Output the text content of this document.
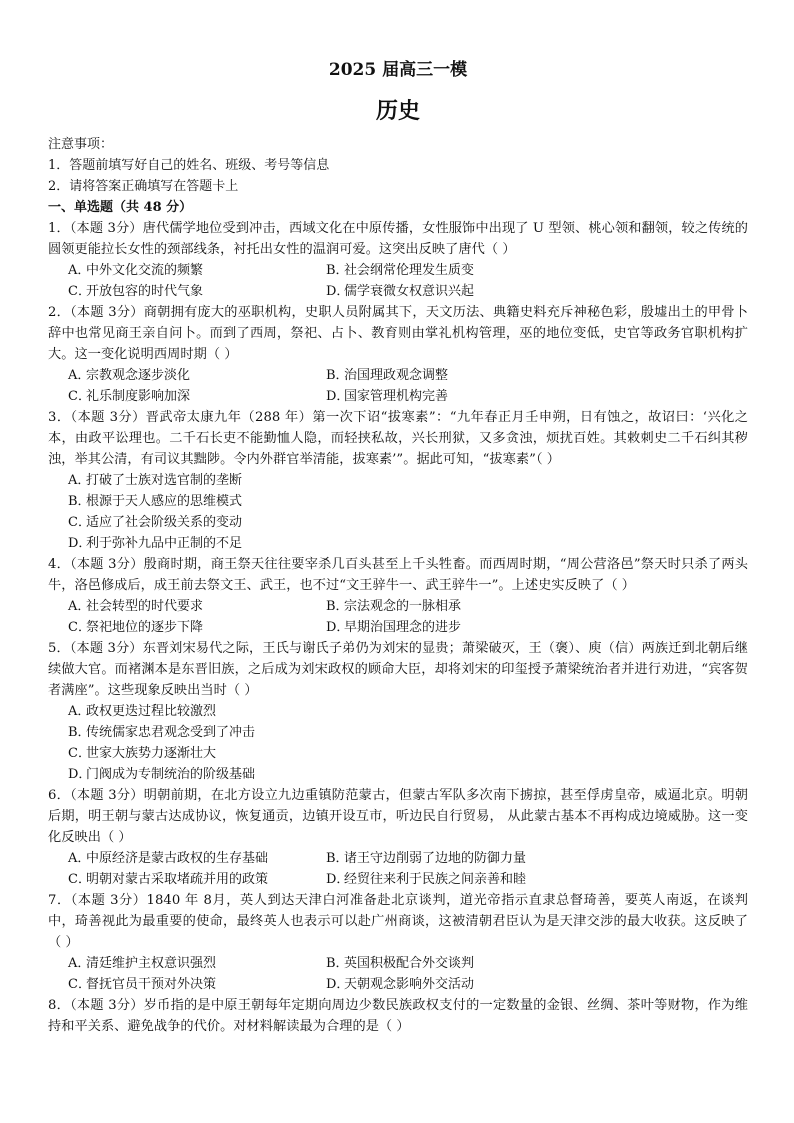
2025 届高三一模
历史
注意事项：
1．答题前填写好自己的姓名、班级、考号等信息
2．请将答案正确填写在答题卡上
一、单选题（共 48 分）

1．（本题 3分）唐代儒学地位受到冲击，西域文化在中原传播，女性服饰中出现了 U 型领、桃心领和翻领，较之传统的圆领更能拉长女性的颈部线条，衬托出女性的温润可爱。这突出反映了唐代（ ）

A．中外文化交流的频繁	B．社会纲常伦理发生质变
C．开放包容的时代气象	D．儒学衰微女权意识兴起

2．（本题 3分）商朝拥有庞大的巫职机构，史职人员附属其下，天文历法、典籍史料充斥神秘色彩，殷墟出土的甲骨卜辞中也常见商王亲自问卜。而到了西周，祭祀、占卜、教育则由掌礼机构管理，巫的地位变低，史官等政务官职机构扩大。这一变化说明西周时期（ ）

A．宗教观念逐步淡化	B．治国理政观念调整
C．礼乐制度影响加深	D．国家管理机构完善

3．（本题 3分）晋武帝太康九年（288 年）第一次下诏“拔寒素”：“九年春正月壬申朔，日有蚀之，故诏曰：‘兴化之本，由政平讼理也。二千石长吏不能勤恤人隐，而轻挟私故，兴长刑狱，又多贪浊，烦扰百姓。其敕刺史二千石纠其秽浊，举其公清，有司议其黜陟。令内外群官举清能，拔寒素’”。据此可知，“拔寒素”（ ）

A．打破了士族对选官制的垄断
B．根源于天人感应的思维模式
C．适应了社会阶级关系的变动
D．利于弥补九品中正制的不足

4．（本题 3分）殷商时期，商王祭天往往要宰杀几百头甚至上千头牲畜。而西周时期，“周公营洛邑”祭天时只杀了两头牛，洛邑修成后，成王前去祭文王、武王，也不过“文王骍牛一、武王骍牛一”。上述史实反映了（ ）

A．社会转型的时代要求	B．宗法观念的一脉相承
C．祭祀地位的逐步下降	D．早期治国理念的进步

5．（本题 3分）东晋刘宋易代之际，王氏与谢氏子弟仍为刘宋的显贵；萧梁破灭，王（褒）、庾（信）两族迁到北朝后继续做大官。而褚渊本是东晋旧族，之后成为刘宋政权的顾命大臣，却将刘宋的印玺授予萧梁统治者并进行劝进，“宾客贺者满座”。这些现象反映出当时（ ）

A．政权更迭过程比较激烈
B．传统儒家忠君观念受到了冲击
C．世家大族势力逐渐壮大
D．门阀成为专制统治的阶级基础

6．（本题 3分）明朝前期，在北方设立九边重镇防范蒙古，但蒙古军队多次南下掳掠，甚至俘虏皇帝，威逼北京。明朝后期，明王朝与蒙古达成协议，恢复通贡，边镇开设互市，听边民自行贸易， 从此蒙古基本不再构成边境威胁。这一变化反映出（ ）

A．中原经济是蒙古政权的生存基础	B．诸王守边削弱了边地的防御力量
C．明朝对蒙古采取堵疏并用的政策	D．经贸往来利于民族之间亲善和睦

7．（本题 3分）1840 年 8月，英人到达天津白河准备赴北京谈判，道光帝指示直隶总督琦善，要英人南返，在谈判中，琦善视此为最重要的使命，最终英人也表示可以赴广州商谈，这被清朝君臣认为是天津交涉的最大收获。这反映了（ ）

A．清廷维护主权意识强烈	B．英国积极配合外交谈判
C．督抚官员干预对外决策	D．天朝观念影响外交活动

8．（本题 3分）岁币指的是中原王朝每年定期向周边少数民族政权支付的一定数量的金银、丝绸、茶叶等财物，作为维持和平关系、避免战争的代价。对材料解读最为合理的是（ ）
